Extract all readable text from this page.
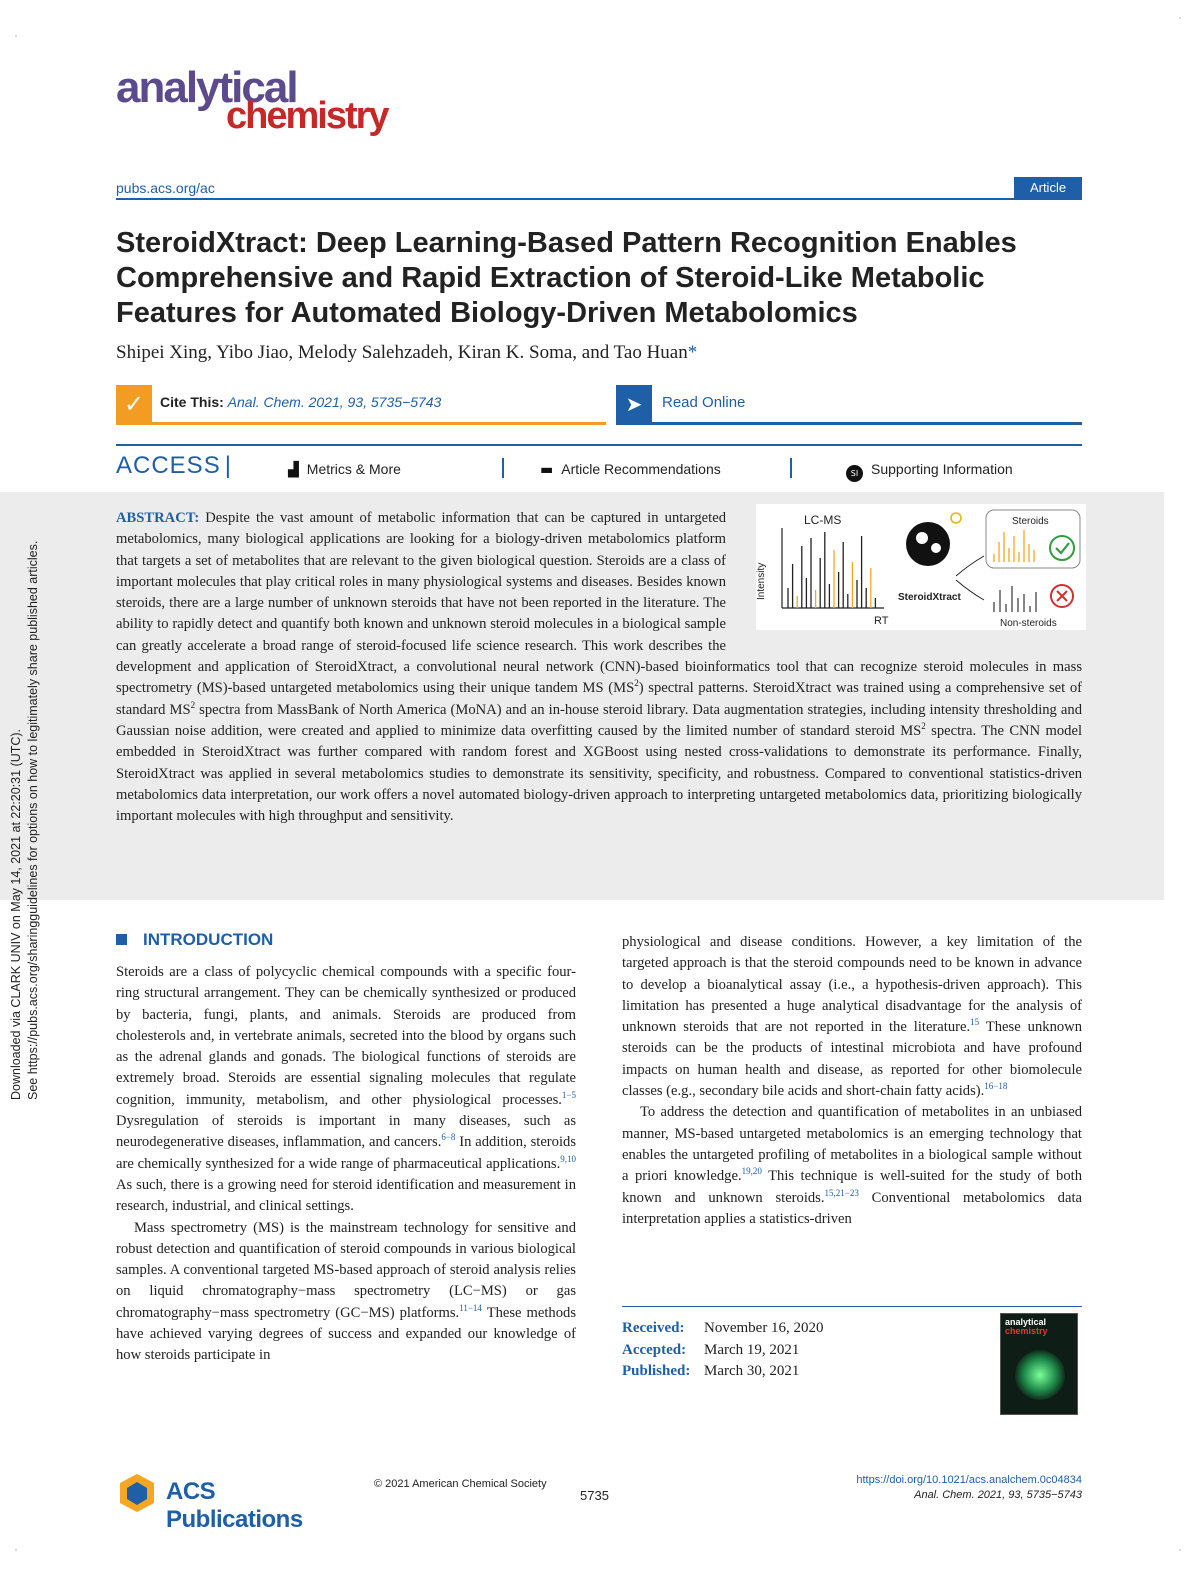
·
·
·	·
analytical
chemistry
pubs.acs.org/ac	Article
SteroidXtract: Deep Learning-Based Pattern Recognition Enables Comprehensive and Rapid Extraction of Steroid-Like Metabolic Features for Automated Biology-Driven Metabolomics
Shipei Xing, Yibo Jiao, Melody Salehzadeh, Kiran K. Soma, and Tao Huan*
✓	Cite This: Anal. Chem. 2021, 93, 5735−5743	➤	Read Online
ACCESS |	▟ Metrics & More	▬ Article Recommendations	SI Supporting Information
ABSTRACT: Despite the vast amount of metabolic information that can be captured in untargeted metabolomics, many biological applications are looking for a biology-driven metabolomics platform that targets a set of metabolites that are relevant to the given biological question. Steroids are a class of important molecules that play critical roles in many physiological systems and diseases. Besides known steroids, there are a large number of unknown steroids that have not been reported in the literature. The ability to rapidly detect and quantify both known and unknown steroid molecules in a biological sample can greatly accelerate a broad range of steroid-focused life science research. This work describes the development and application of SteroidXtract, a convolutional neural network (CNN)-based bioinformatics tool that can recognize steroid molecules in mass spectrometry (MS)-based untargeted metabolomics using their unique tandem MS $(MS^2)$ spectral patterns. SteroidXtract was trained using a comprehensive set of standard $MS^2$ spectra from MassBank of North America (MoNA) and an in-house steroid library. Data augmentation strategies, including intensity thresholding and Gaussian noise addition, were created and applied to minimize data overfitting caused by the limited number of standard steroid $MS^2$ spectra. The CNN model embedded in SteroidXtract was further compared with random forest and XGBoost using nested cross-validations to demonstrate its performance. Finally, SteroidXtract was applied in several metabolomics studies to demonstrate its sensitivity, specificity, and robustness. Compared to conventional statistics-driven metabolomics data interpretation, our work offers a novel automated biology-driven approach to interpreting untargeted metabolomics data, prioritizing biologically important molecules with high throughput and sensitivity.
LC-MS
Intensity
RT
SteroidXtract
Steroids
Non-steroids
INTRODUCTION

Steroids are a class of polycyclic chemical compounds with a specific four-ring structural arrangement. They can be chemically synthesized or produced by bacteria, fungi, plants, and animals. Steroids are produced from cholesterols and, in vertebrate animals, secreted into the blood by organs such as the adrenal glands and gonads. The biological functions of steroids are extremely broad. Steroids are essential signaling molecules that regulate cognition, immunity, metabolism, and other physiological processes.$^{1-5}$ Dysregulation of steroids is important in many diseases, such as neurodegenerative diseases, inflammation, and cancers.$^{6-8}$ In addition, steroids are chemically synthesized for a wide range of pharmaceutical applications.$^{9,10}$ As such, there is a growing need for steroid identification and measurement in research, industrial, and clinical settings.

Mass spectrometry (MS) is the mainstream technology for sensitive and robust detection and quantification of steroid compounds in various biological samples. A conventional targeted MS-based approach of steroid analysis relies on liquid chromatography−mass spectrometry (LC−MS) or gas chromatography−mass spectrometry (GC−MS) platforms.$^{11-14}$ These methods have achieved varying degrees of success and expanded our knowledge of how steroids participate in

physiological and disease conditions. However, a key limitation of the targeted approach is that the steroid compounds need to be known in advance to develop a bioanalytical assay (i.e., a hypothesis-driven approach). This limitation has presented a huge analytical disadvantage for the analysis of unknown steroids that are not reported in the literature.$^{15}$ These unknown steroids can be the products of intestinal microbiota and have profound impacts on human health and disease, as reported for other biomolecule classes (e.g., secondary bile acids and short-chain fatty acids).$^{16-18}$

To address the detection and quantification of metabolites in an unbiased manner, MS-based untargeted metabolomics is an emerging technology that enables the untargeted profiling of metabolites in a biological sample without a priori knowledge.$^{19,20}$ This technique is well-suited for the study of both known and unknown steroids.$^{15,21-23}$ Conventional metabolomics data interpretation applies a statistics-driven

Received:	November 16, 2020
Accepted:	March 19, 2021
Published: March 30, 2021
analytical
chemistry
ACS Publications
© 2021 American Chemical Society
5735
https://doi.org/10.1021/acs.analchem.0c04834
Anal. Chem. 2021, 93, 5735−5743
Downloaded via CLARK UNIV on May 14, 2021 at 22:20:31 (UTC). See https://pubs.acs.org/sharingguidelines for options on how to legitimately share published articles.
